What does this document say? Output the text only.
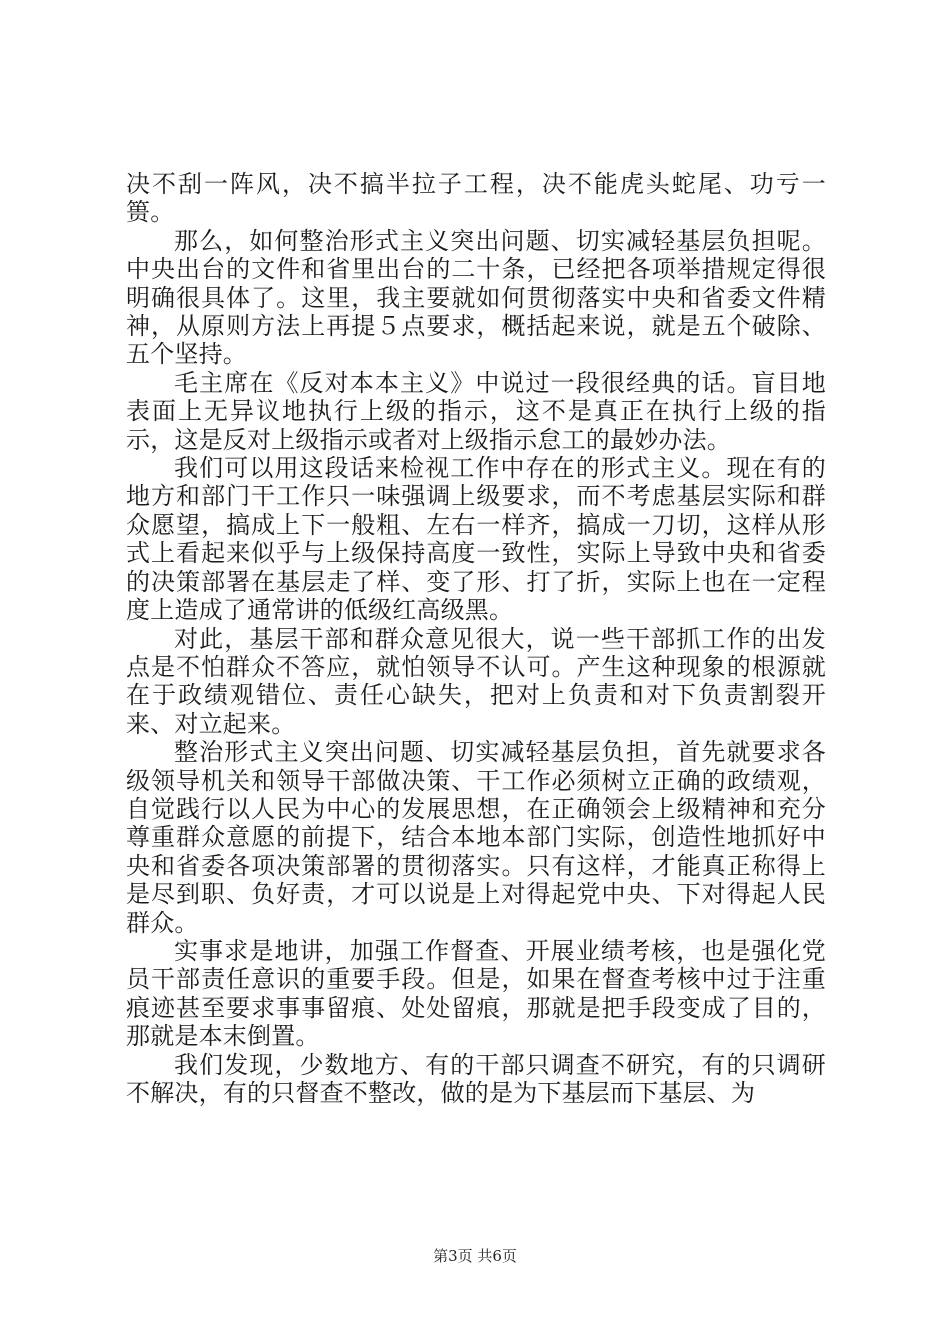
决不刮一阵风，决不搞半拉子工程，决不能虎头蛇尾、功亏一篑。

那么，如何整治形式主义突出问题、切实减轻基层负担呢。中央出台的文件和省里出台的二十条，已经把各项举措规定得很明确很具体了。这里，我主要就如何贯彻落实中央和省委文件精神，从原则方法上再提５点要求，概括起来说，就是五个破除、五个坚持。

毛主席在《反对本本主义》中说过一段很经典的话。盲目地表面上无异议地执行上级的指示，这不是真正在执行上级的指示，这是反对上级指示或者对上级指示怠工的最妙办法。

我们可以用这段话来检视工作中存在的形式主义。现在有的地方和部门干工作只一味强调上级要求，而不考虑基层实际和群众愿望，搞成上下一般粗、左右一样齐，搞成一刀切，这样从形式上看起来似乎与上级保持高度一致性，实际上导致中央和省委的决策部署在基层走了样、变了形、打了折，实际上也在一定程度上造成了通常讲的低级红高级黑。

对此，基层干部和群众意见很大，说一些干部抓工作的出发点是不怕群众不答应，就怕领导不认可。产生这种现象的根源就在于政绩观错位、责任心缺失，把对上负责和对下负责割裂开来、对立起来。

整治形式主义突出问题、切实减轻基层负担，首先就要求各级领导机关和领导干部做决策、干工作必须树立正确的政绩观，自觉践行以人民为中心的发展思想，在正确领会上级精神和充分尊重群众意愿的前提下，结合本地本部门实际，创造性地抓好中央和省委各项决策部署的贯彻落实。只有这样，才能真正称得上是尽到职、负好责，才可以说是上对得起党中央、下对得起人民群众。

实事求是地讲，加强工作督查、开展业绩考核，也是强化党员干部责任意识的重要手段。但是，如果在督查考核中过于注重痕迹甚至要求事事留痕、处处留痕，那就是把手段变成了目的，那就是本末倒置。

我们发现，少数地方、有的干部只调查不研究，有的只调研不解决，有的只督查不整改，做的是为下基层而下基层、为

第3页 共6页
